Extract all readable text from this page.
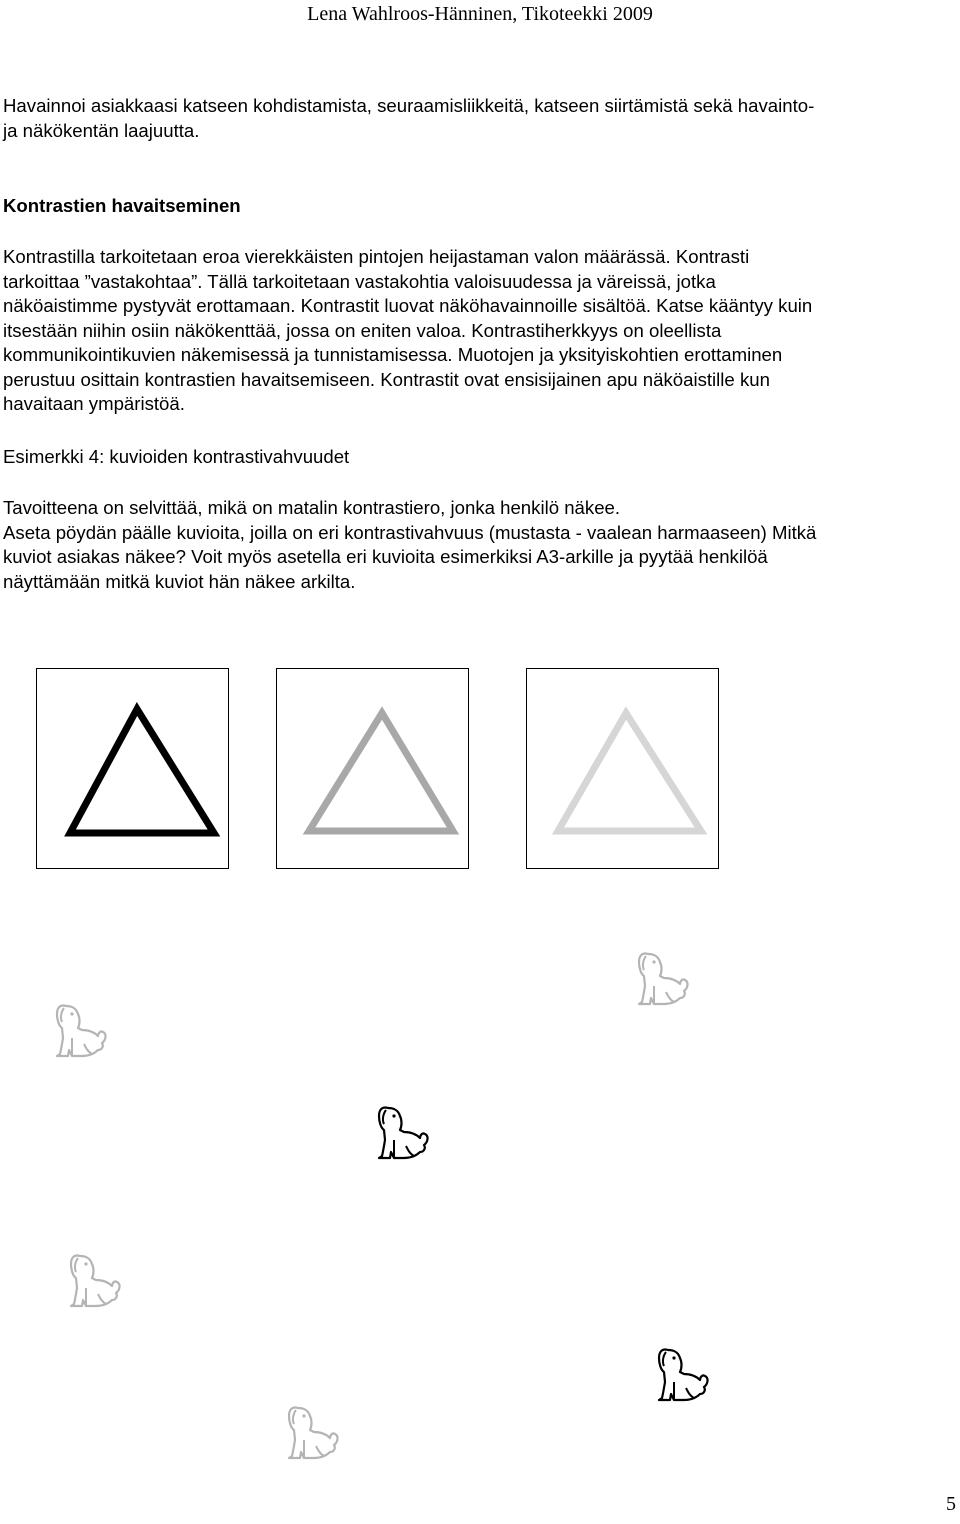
Lena Wahlroos-Hänninen, Tikoteekki 2009

Havainnoi asiakkaasi katseen kohdistamista, seuraamisliikkeitä, katseen siirtämistä sekä havainto-
ja näkökentän laajuutta.

Kontrastien havaitseminen

Kontrastilla tarkoitetaan eroa vierekkäisten pintojen heijastaman valon määrässä. Kontrasti
tarkoittaa ”vastakohtaa”. Tällä tarkoitetaan vastakohtia valoisuudessa ja väreissä, jotka
näköaistimme pystyvät erottamaan. Kontrastit luovat näköhavainnoille sisältöä. Katse kääntyy kuin
itsestään niihin osiin näkökenttää, jossa on eniten valoa. Kontrastiherkkyys on oleellista
kommunikointikuvien näkemisessä ja tunnistamisessa. Muotojen ja yksityiskohtien erottaminen
perustuu osittain kontrastien havaitsemiseen. Kontrastit ovat ensisijainen apu näköaistille kun
havaitaan ympäristöä.

Esimerkki 4: kuvioiden kontrastivahvuudet

Tavoitteena on selvittää, mikä on matalin kontrastiero, jonka henkilö näkee.
Aseta pöydän päälle kuvioita, joilla on eri kontrastivahvuus (mustasta - vaalean harmaaseen) Mitkä
kuviot asiakas näkee? Voit myös asetella eri kuvioita esimerkiksi A3-arkille ja pyytää henkilöä
näyttämään mitkä kuviot hän näkee arkilta.

5
